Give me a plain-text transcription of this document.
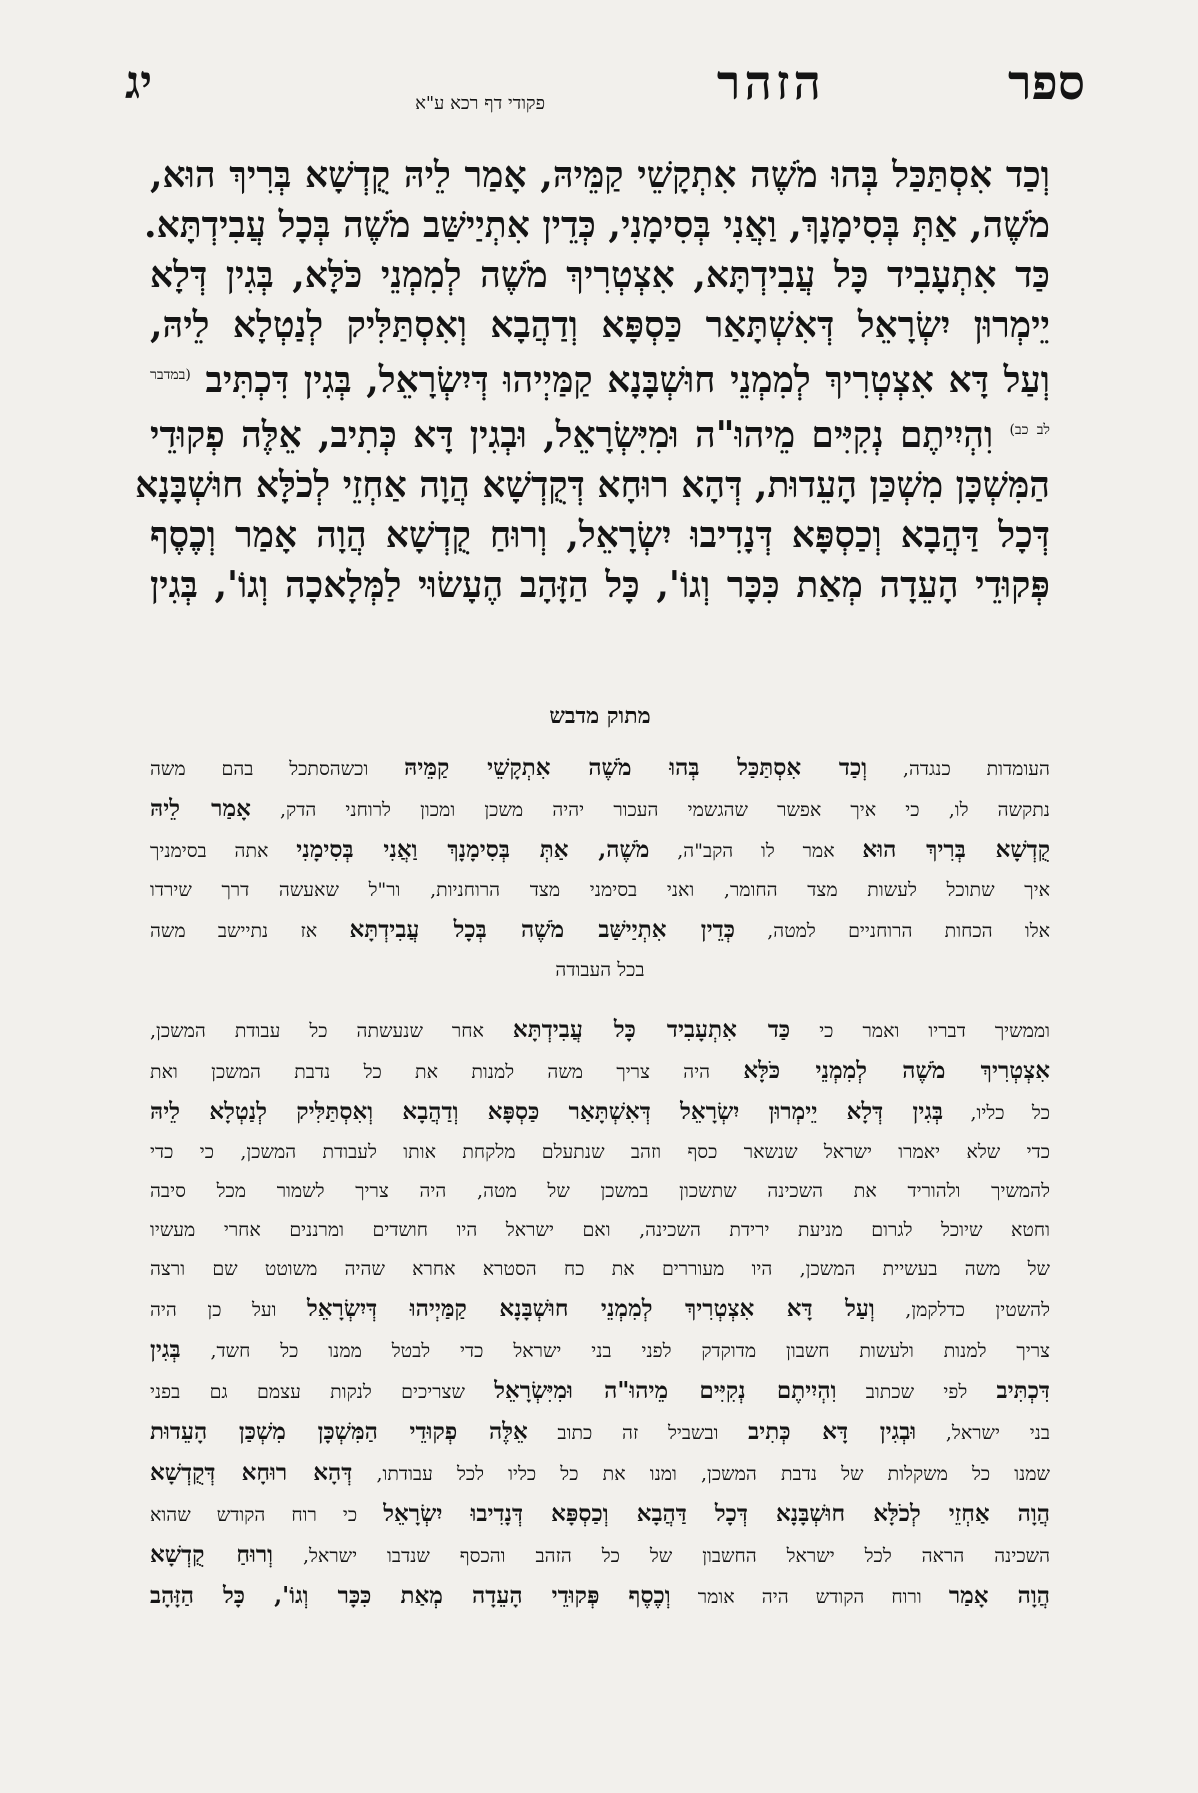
ספר
הזהר
פקודי דף רכא ע"א
יג
וְכַד אִסְתַּכַּל בְּהוּ מֹשֶׁה אִתְקָשֵׁי קַמֵּיהּ, אָמַר לֵיהּ קֻדְשָׁא בְּרִיךְ הוּא,
מֹשֶׁה, אַתְּ בְּסִימָנָךְ, וַאֲנִי בְּסִימָנִי, כְּדֵין אִתְיַישַּׁב מֹשֶׁה בְּכָל עֲבִידְתָּא.
כַּד אִתְעָבִיד כָּל עֲבִידְתָּא, אִצְטְרִיךְ מֹשֶׁה לְמִמְנֵי כֹּלָּא, בְּגִין דְּלָא
יֵימְרוּן יִשְׂרָאֵל דְּאִשְׁתָּאַר כַּסְפָּא וְדַהֲבָא וְאִסְתַּלִּיק לְנַטְלָא לֵיהּ,
וְעַל דָּא אִצְטְרִיךְ לְמִמְנֵי חוּשְׁבָּנָא קַמַּיְיהוּ דְּיִשְׂרָאֵל, בְּגִין דִּכְתִּיב $^{(במדבר}$
$^{לב כב)}$ וִהְיִיתֶם נְקִיִּים מֵיהוּ"ה וּמִיִּשְׂרָאֵל, וּבְגִין דָּא כְּתִיב, אֵלֶּה פְקוּדֵי
הַמִּשְׁכָּן מִשְׁכַּן הָעֵדוּת, דְּהָא רוּחָא דְּקֻדְשָׁא הֲוָה אַחְזֵי לְכֹלָּא חוּשְׁבָּנָא
דְּכָל דַּהֲבָא וְכַסְפָּא דְּנָדִיבוּ יִשְׂרָאֵל, וְרוּחַ קֻדְשָׁא הֲוָה אָמַר וְכֶסֶף
פְּקוּדֵי הָעֵדָה מְאַת כִּכָּר וְגוֹ', כָּל הַזָּהָב הֶעָשׂוּי לַמְּלָאכָה וְגוֹ', בְּגִין
מתוק מדבש
העומדות כנגדה, וְכַד אִסְתַּכַּל בְּהוּ מֹשֶׁה אִתְקָשֵׁי קַמֵּיהּ וכשהסתכל בהם משה
נתקשה לו, כי איך אפשר שהגשמי העכור יהיה משכן ומכון לרוחני הדק, אָמַר לֵיהּ
קֻדְשָׁא בְּרִיךְ הוּא אמר לו הקב"ה, מֹשֶׁה, אַתְּ בְּסִימָנָךְ וַאֲנִי בְּסִימָנִי אתה בסימניך
איך שתוכל לעשות מצד החומר, ואני בסימני מצד הרוחניות, ור"ל שאעשה דרך שירדו
אלו הכחות הרוחניים למטה, כְּדֵין אִתְיַישַּׁב מֹשֶׁה בְּכָל עֲבִידְתָּא אז נתיישב משה
בכל העבודה
וממשיך דבריו ואמר כי כַּד אִתְעָבִיד כָּל עֲבִידְתָּא אחר שנעשתה כל עבודת המשכן,
אִצְטְרִיךְ מֹשֶׁה לְמִמְנֵי כֹּלָּא היה צריך משה למנות את כל נדבת המשכן ואת
כל כליו, בְּגִין דְּלָא יֵימְרוּן יִשְׂרָאֵל דְּאִשְׁתָּאַר כַּסְפָּא וְדַהֲבָא וְאִסְתַּלִּיק לְנַטְלָא לֵיהּ
כדי שלא יאמרו ישראל שנשאר כסף וזהב שנתעלם מלקחת אותו לעבודת המשכן, כי כדי
להמשיך ולהוריד את השכינה שתשכון במשכן של מטה, היה צריך לשמור מכל סיבה
וחטא שיוכל לגרום מניעת ירידת השכינה, ואם ישראל היו חושדים ומרננים אחרי מעשיו
של משה בעשיית המשכן, היו מעוררים את כח הסטרא אחרא שהיה משוטט שם ורצה
להשטין כדלקמן, וְעַל דָּא אִצְטְרִיךְ לְמִמְנֵי חוּשְׁבָּנָא קַמַּיְיהוּ דְּיִשְׂרָאֵל ועל כן היה
צריך למנות ולעשות חשבון מדוקדק לפני בני ישראל כדי לבטל ממנו כל חשד, בְּגִין
דִּכְתִּיב לפי שכתוב וִהְיִיתֶם נְקִיִּים מֵיהוּ"ה וּמִיִּשְׂרָאֵל שצריכים לנקות עצמם גם בפני
בני ישראל, וּבְגִין דָּא כְּתִיב ובשביל זה כתוב אֵלֶּה פְקוּדֵי הַמִּשְׁכָּן מִשְׁכַּן הָעֵדוּת
שמנו כל משקלות של נדבת המשכן, ומנו את כל כליו לכל עבודתו, דְּהָא רוּחָא דְּקֻדְשָׁא
הֲוָה אַחְזֵי לְכֹלָּא חוּשְׁבָּנָא דְּכָל דַּהֲבָא וְכַסְפָּא דְּנָדִיבוּ יִשְׂרָאֵל כי רוח הקודש שהוא
השכינה הראה לכל ישראל החשבון של כל הזהב והכסף שנדבו ישראל, וְרוּחַ קֻדְשָׁא
הֲוָה אָמַר ורוח הקודש היה אומר וְכֶסֶף פְּקוּדֵי הָעֵדָה מְאַת כִּכָּר וְגוֹ', כָּל הַזָּהָב
